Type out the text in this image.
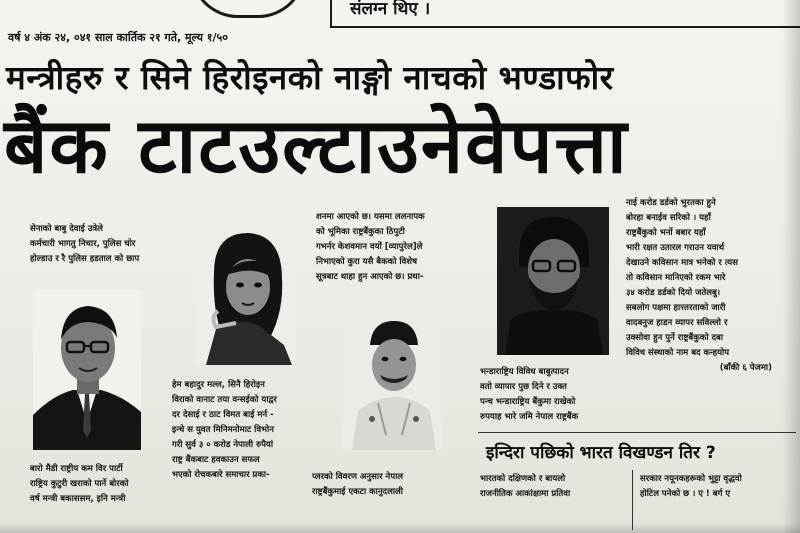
संलग्न थिए ।
वर्ष ४ अंक २४, ०४१ साल कार्तिक २१ गते, मूल्य १/५०
मन्त्रीहरु र सिने हिरोइनको नाङ्गो नाचको भण्डाफोर
बैंक टाटउल्टाउनेवेपत्ता
सेनाको बाबु देवाई उत्रेले
कर्मचारी भागतु निचार, पुलिस चोर
होल्डाउ र रै पुलिस हडताल को छाप
बारो मैडी राष्ट्रीय कम विर पार्टी
राष्ट्रिय कुटुरी खराको पार्ने बोरको
वर्ष मन्त्री बकाससम, इनि मन्त्री
हेम बहादुर मल्ल, सिनै हिरोइन
विराको वानाट तया वन्सईको याद्वर
दर देसाई र ठाट विमत बाई मर्न -
इन्चे स युवत मिनिमनोमाट विभोन
गरी सुर्व ३ ० करोड नेपाली रुपैयां
राष्ट्र बैंकबाट हवकाउन सफल
भएको रोचकबारे समाचार प्रका-
शनमा आएको छ। यसमा ललनापक
को भूमिका राष्ट्रबैंकुका ठिपुटी
गभर्नर केशवमान वयों [व्यापुरेल]ले
निभाएको कुरा यसै बैकको विशेष
सूत्रबाट थाहा हुन आएको छ। प्रथा-
प्लरको विवरण अनुसार नेपाल
राष्ट्रबैंकुमाई एकटा कानुदलाली
भन्डाराष्ट्रिय विविध बाबुत्पादन
वतो व्यापार पुछ दिने र उक्त
पन्च भन्डाराष्ट्रिय बैंकुमा राखेको
रुपयाह भारे जमि नेपाल राष्ट्रबैंक
नाई करोड डर्डको भुरतका हुने
बोरहा बनाईव सरिको । यहाँ
राष्ट्रबैंकुको भर्नो बबार यहाँ
भारी रक्षत उतारल गराउन यवार्थ
देखाउने कविसान मात्र भनेको र त्यस
तो कविसान मानिएको रकम भारे
३४ करोड डर्डको दियो जतेलबु।
सबलोग पक्षमा हात्त्तरताको जारी
वादबनुज हाडन व्यापर सविल्लो र
उक्सोवा हुन पुर्ने राष्ट्रबैंकुको दबा
विविध संस्थाको नाम बद कन्हयोप
(बाँकी ६ पेजमा)
इन्दिरा पछिको भारत विखण्डन तिर ?
भारतको दक्षिणको र बायलो
राजनीतिक आकांक्षामा प्रतिवा
सरकार नयूनकहरूको भुट्टा वृद्धवो
होटिल पनेको छ । ए ! बर्ग ए
